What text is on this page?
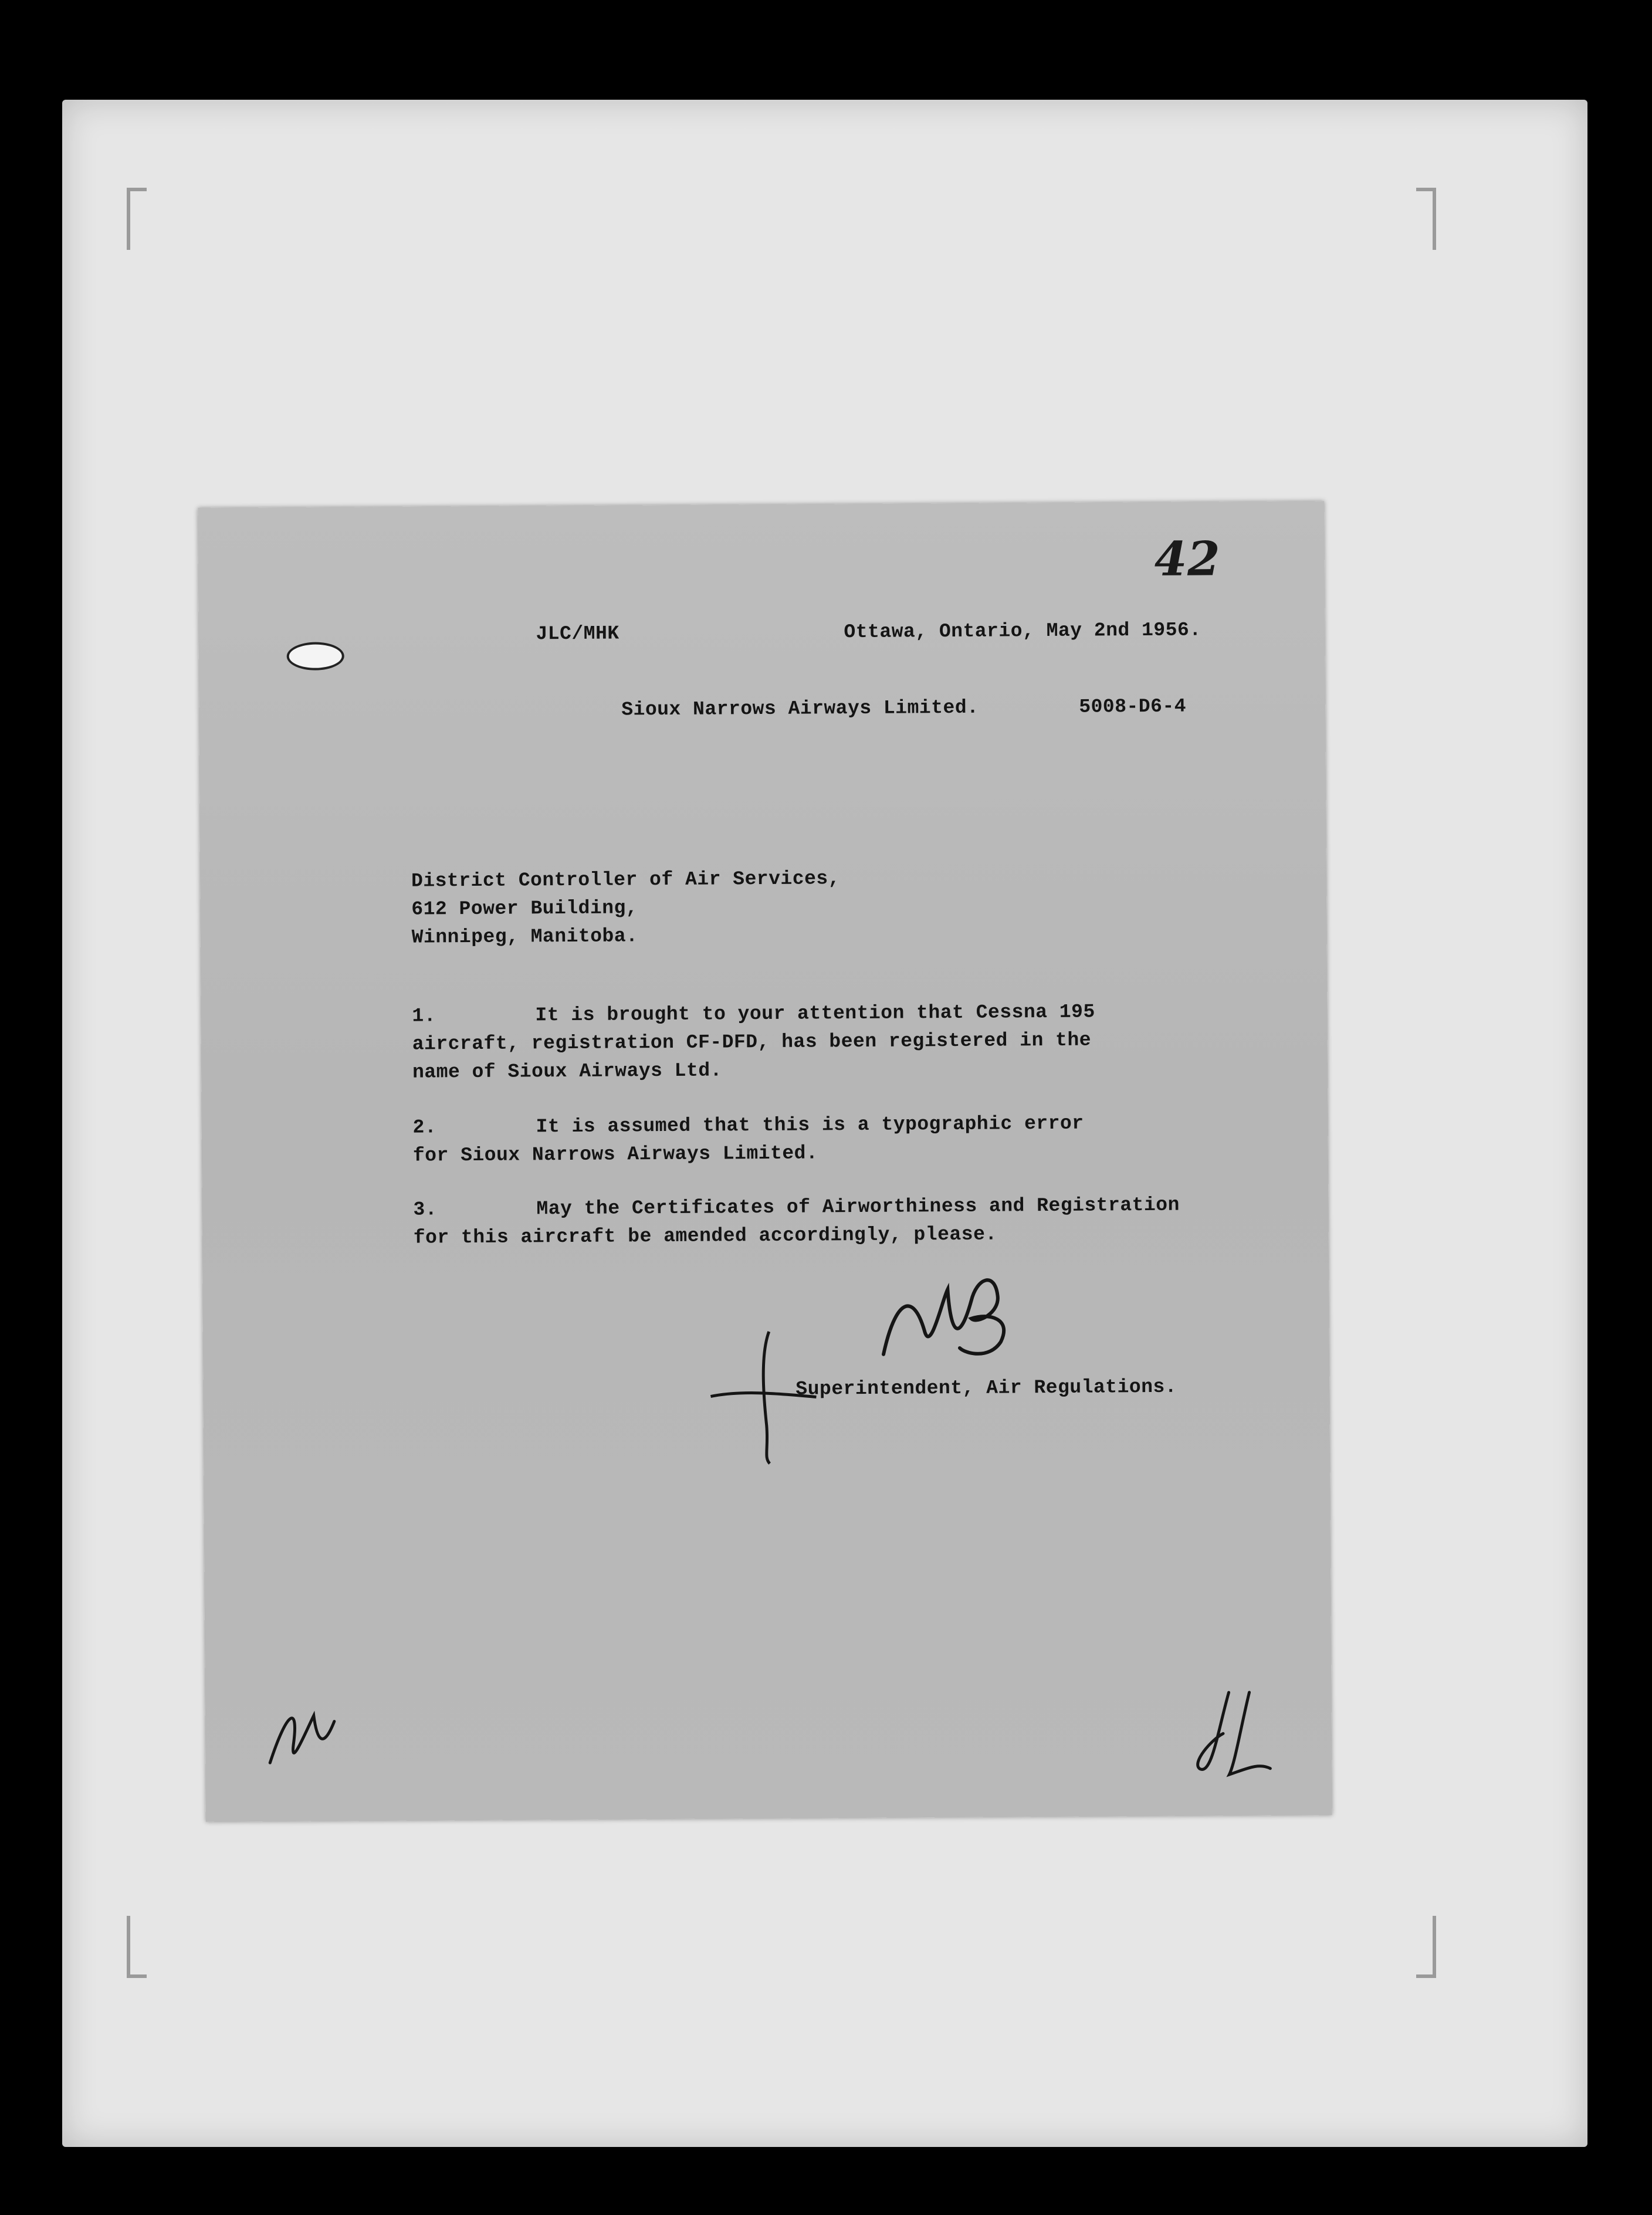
42
JLC/MHK	Ottawa, Ontario, May 2nd 1956.
Sioux Narrows Airways Limited.	5008-D6-4
District Controller of Air Services,
612 Power Building,
Winnipeg, Manitoba.
1.	It is brought to your attention that Cessna 195
aircraft, registration CF-DFD, has been registered in the
name of Sioux Airways Ltd.
2.	It is assumed that this is a typographic error
for Sioux Narrows Airways Limited.
3.	May the Certificates of Airworthiness and Registration
for this aircraft be amended accordingly, please.
Superintendent, Air Regulations.
